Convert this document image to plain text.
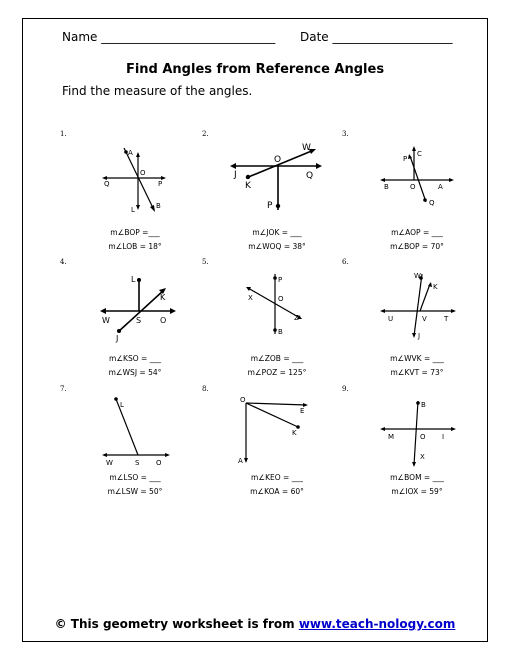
Name _____________________________ Date ____________________
Find Angles from Reference Angles
Find the measure of the angles.
1.
A
B
O
P
Q
L
m∠BOP =___
m∠LOB = 18°
2.
O
W
J
K
Q
P
m∠JOK = ___
m∠WOQ = 38°
3.
P
C
B	O	A
Q
m∠AOP = ___
m∠BOP = 70°
4.
L
K
W	S O
J
m∠KSO = ___
m∠WSJ = 54°
5.
P
X	O
Z
B
m∠ZOB = ___
m∠POZ = 125°
6.
W
K
U	V T
J
m∠WVK = ___
m∠KVT = 73°
7.
L
W	S O
m∠LSO = ___
m∠LSW = 50°
8.
O
E
K
A
m∠KEO = ___
m∠KOA = 60°
9.
B
M	O I
X
m∠BOM = ___
m∠IOX = 59°
© This geometry worksheet is from www.teach-nology.com
